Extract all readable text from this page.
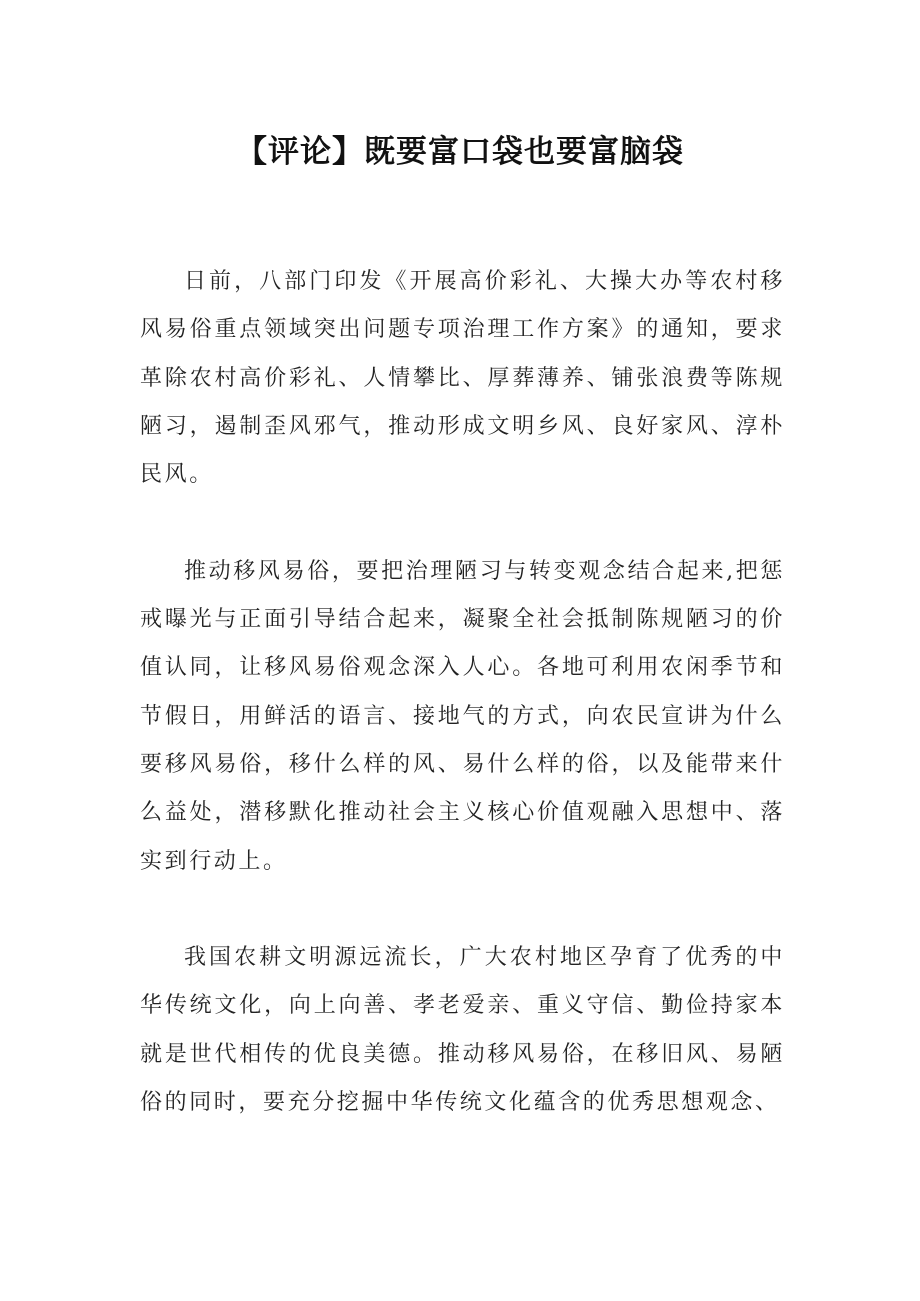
【评论】既要富口袋也要富脑袋

日前，八部门印发《开展高价彩礼、大操大办等农村移风易俗重点领域突出问题专项治理工作方案》的通知，要求革除农村高价彩礼、人情攀比、厚葬薄养、铺张浪费等陈规陋习，遏制歪风邪气，推动形成文明乡风、良好家风、淳朴民风。

推动移风易俗，要把治理陋习与转变观念结合起来,把惩戒曝光与正面引导结合起来，凝聚全社会抵制陈规陋习的价值认同，让移风易俗观念深入人心。各地可利用农闲季节和节假日，用鲜活的语言、接地气的方式，向农民宣讲为什么要移风易俗，移什么样的风、易什么样的俗，以及能带来什么益处，潜移默化推动社会主义核心价值观融入思想中、落实到行动上。

我国农耕文明源远流长，广大农村地区孕育了优秀的中华传统文化，向上向善、孝老爱亲、重义守信、勤俭持家本就是世代相传的优良美德。推动移风易俗，在移旧风、易陋俗的同时，要充分挖掘中华传统文化蕴含的优秀思想观念、
